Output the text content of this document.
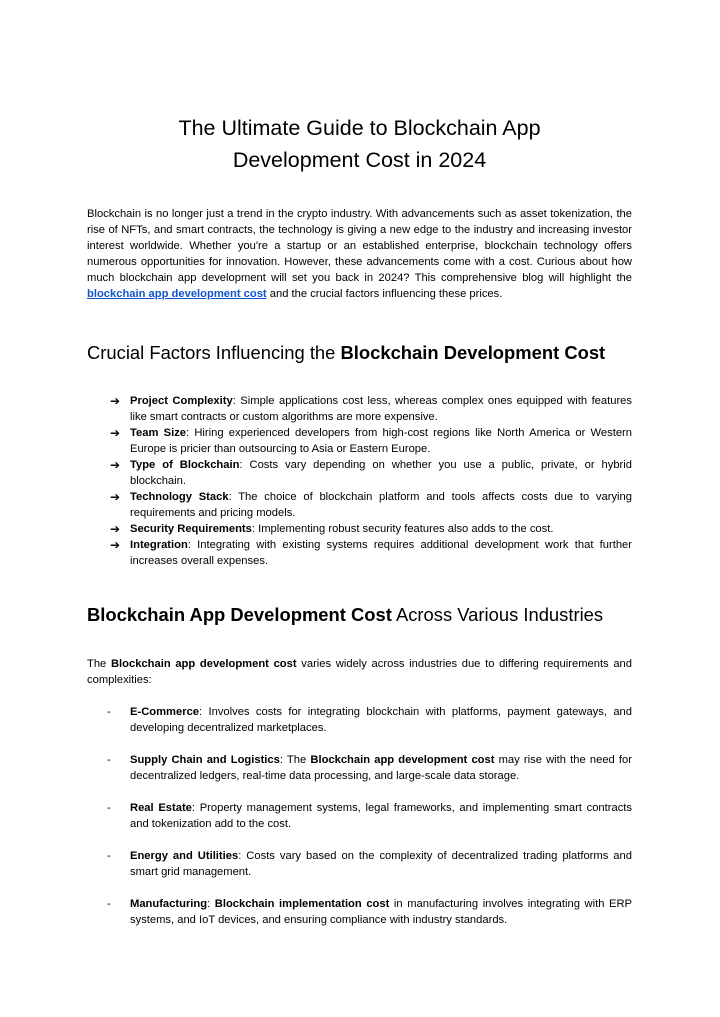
The Ultimate Guide to Blockchain App
Development Cost in 2024

Blockchain is no longer just a trend in the crypto industry. With advancements such as asset tokenization, the rise of NFTs, and smart contracts, the technology is giving a new edge to the industry and increasing investor interest worldwide. Whether you're a startup or an established enterprise, blockchain technology offers numerous opportunities for innovation. However, these advancements come with a cost. Curious about how much blockchain app development will set you back in 2024? This comprehensive blog will highlight the blockchain app development cost and the crucial factors influencing these prices.

Crucial Factors Influencing the Blockchain Development Cost
➔ Project Complexity: Simple applications cost less, whereas complex ones equipped with features like smart contracts or custom algorithms are more expensive.
➔ Team Size: Hiring experienced developers from high-cost regions like North America or Western Europe is pricier than outsourcing to Asia or Eastern Europe.
➔ Type of Blockchain: Costs vary depending on whether you use a public, private, or hybrid blockchain.
➔ Technology Stack: The choice of blockchain platform and tools affects costs due to varying requirements and pricing models.
➔ Security Requirements: Implementing robust security features also adds to the cost.
➔ Integration: Integrating with existing systems requires additional development work that further increases overall expenses.
Blockchain App Development Cost Across Various Industries

The Blockchain app development cost varies widely across industries due to differing requirements and complexities:

- E-Commerce: Involves costs for integrating blockchain with platforms, payment gateways, and developing decentralized marketplaces.
- Supply Chain and Logistics: The Blockchain app development cost may rise with the need for decentralized ledgers, real-time data processing, and large-scale data storage.
- Real Estate: Property management systems, legal frameworks, and implementing smart contracts and tokenization add to the cost.
- Energy and Utilities: Costs vary based on the complexity of decentralized trading platforms and smart grid management.
- Manufacturing: Blockchain implementation cost in manufacturing involves integrating with ERP systems, and IoT devices, and ensuring compliance with industry standards.
